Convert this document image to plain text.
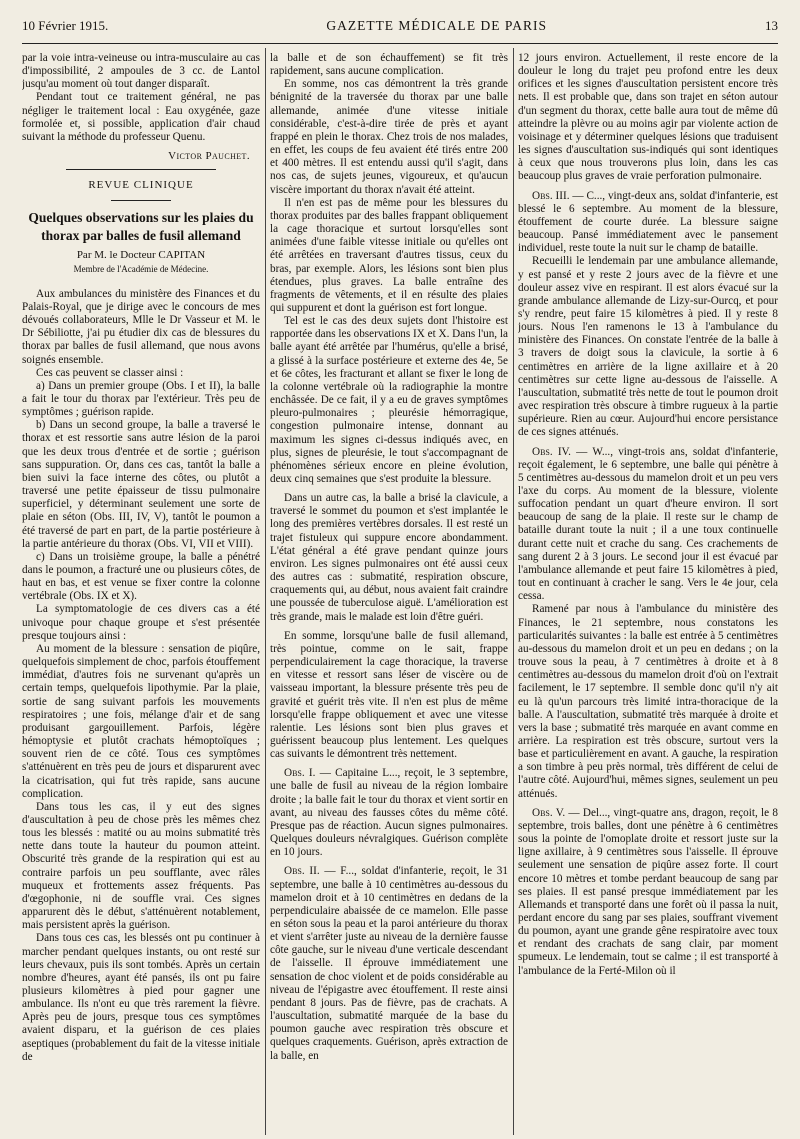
10 Février 1915.	GAZETTE MÉDICALE DE PARIS	13

par la voie intra-veineuse ou intra-musculaire au cas d'impossibilité, 2 ampoules de 3 cc. de Lantol jusqu'au moment où tout danger disparaît.

Pendant tout ce traitement général, ne pas négliger le traitement local : Eau oxygénée, gaze formolée et, si possible, application d'air chaud suivant la méthode du professeur Quenu.

Victor Pauchet.

REVUE CLINIQUE

Quelques observations sur les plaies du thorax par balles de fusil allemand

Par M. le Docteur CAPITAN

Membre de l'Académie de Médecine.

Aux ambulances du ministère des Finances et du Palais-Royal, que je dirige avec le concours de mes dévoués collaborateurs, Mlle le Dr Vasseur et M. le Dr Sébiliotte, j'ai pu étudier dix cas de blessures du thorax par balles de fusil allemand, que nous avons soignés ensemble.

Ces cas peuvent se classer ainsi :

a) Dans un premier groupe (Obs. I et II), la balle a fait le tour du thorax par l'extérieur. Très peu de symptômes ; guérison rapide.

b) Dans un second groupe, la balle a traversé le thorax et est ressortie sans autre lésion de la paroi que les deux trous d'entrée et de sortie ; guérison sans suppuration. Or, dans ces cas, tantôt la balle a bien suivi la face interne des côtes, ou plutôt a traversé une petite épaisseur de tissu pulmonaire superficiel, y déterminant seulement une sorte de plaie en séton (Obs. III, IV, V), tantôt le poumon a été traversé de part en part, de la partie postérieure à la partie antérieure du thorax (Obs. VI, VII et VIII).

c) Dans un troisième groupe, la balle a pénétré dans le poumon, a fracturé une ou plusieurs côtes, de haut en bas, et est venue se fixer contre la colonne vertébrale (Obs. IX et X).

La symptomatologie de ces divers cas a été univoque pour chaque groupe et s'est présentée presque toujours ainsi :

Au moment de la blessure : sensation de piqûre, quelquefois simplement de choc, parfois étouffement immédiat, d'autres fois ne survenant qu'après un certain temps, quelquefois lipothymie. Par la plaie, sortie de sang suivant parfois les mouvements respiratoires ; une fois, mélange d'air et de sang produisant gargouillement. Parfois, légère hémoptysie et plutôt crachats hémoptoïques ; souvent rien de ce côté. Tous ces symptômes s'atténuèrent en très peu de jours et disparurent avec la cicatrisation, qui fut très rapide, sans aucune complication.

Dans tous les cas, il y eut des signes d'auscultation à peu de chose près les mêmes chez tous les blessés : matité ou au moins submatité très nette dans toute la hauteur du poumon atteint. Obscurité très grande de la respiration qui est au contraire parfois un peu soufflante, avec râles muqueux et frottements assez fréquents. Pas d'œgophonie, ni de souffle vrai. Ces signes apparurent dès le début, s'atténuèrent notablement, mais persistent après la guérison.

Dans tous ces cas, les blessés ont pu continuer à marcher pendant quelques instants, ou ont resté sur leurs chevaux, puis ils sont tombés. Après un certain nombre d'heures, ayant été pansés, ils ont pu faire plusieurs kilomètres à pied pour gagner une ambulance. Ils n'ont eu que très rarement la fièvre. Après peu de jours, presque tous ces symptômes avaient disparu, et la guérison de ces plaies aseptiques (probablement du fait de la vitesse initiale de

la balle et de son échauffement) se fit très rapidement, sans aucune complication.

En somme, nos cas démontrent la très grande bénignité de la traversée du thorax par une balle allemande, animée d'une vitesse initiale considérable, c'est-à-dire tirée de près et ayant frappé en plein le thorax. Chez trois de nos malades, en effet, les coups de feu avaient été tirés entre 200 et 400 mètres. Il est entendu aussi qu'il s'agit, dans nos cas, de sujets jeunes, vigoureux, et qu'aucun viscère important du thorax n'avait été atteint.

Il n'en est pas de même pour les blessures du thorax produites par des balles frappant obliquement la cage thoracique et surtout lorsqu'elles sont animées d'une faible vitesse initiale ou qu'elles ont été arrêtées en traversant d'autres tissus, ceux du bras, par exemple. Alors, les lésions sont bien plus étendues, plus graves. La balle entraîne des fragments de vêtements, et il en résulte des plaies qui suppurent et dont la guérison est fort longue.

Tel est le cas des deux sujets dont l'histoire est rapportée dans les observations IX et X. Dans l'un, la balle ayant été arrêtée par l'humérus, qu'elle a brisé, a glissé à la surface postérieure et externe des 4e, 5e et 6e côtes, les fracturant et allant se fixer le long de la colonne vertébrale où la radiographie la montre enchâssée. De ce fait, il y a eu de graves symptômes pleuro-pulmonaires ; pleurésie hémorragique, congestion pulmonaire intense, donnant au maximum les signes ci-dessus indiqués avec, en plus, signes de pleurésie, le tout s'accompagnant de phénomènes sérieux encore en pleine évolution, deux cinq semaines que s'est produite la blessure.

Dans un autre cas, la balle a brisé la clavicule, a traversé le sommet du poumon et s'est implantée le long des premières vertèbres dorsales. Il est resté un trajet fistuleux qui suppure encore abondamment. L'état général a été grave pendant quinze jours environ. Les signes pulmonaires ont été aussi ceux des autres cas : submatité, respiration obscure, craquements qui, au début, nous avaient fait craindre une poussée de tuberculose aiguë. L'amélioration est très grande, mais le malade est loin d'être guéri.

En somme, lorsqu'une balle de fusil allemand, très pointue, comme on le sait, frappe perpendiculairement la cage thoracique, la traverse en vitesse et ressort sans léser de viscère ou de vaisseau important, la blessure présente très peu de gravité et guérit très vite. Il n'en est plus de même lorsqu'elle frappe obliquement et avec une vitesse ralentie. Les lésions sont bien plus graves et guérissent beaucoup plus lentement. Les quelques cas suivants le démontrent très nettement.

Obs. I. — Capitaine L..., reçoit, le 3 septembre, une balle de fusil au niveau de la région lombaire droite ; la balle fait le tour du thorax et vient sortir en avant, au niveau des fausses côtes du même côté. Presque pas de réaction. Aucun signes pulmonaires. Quelques douleurs névralgiques. Guérison complète en 10 jours.

Obs. II. — F..., soldat d'infanterie, reçoit, le 31 septembre, une balle à 10 centimètres au-dessous du mamelon droit et à 10 centimètres en dedans de la perpendiculaire abaissée de ce mamelon. Elle passe en séton sous la peau et la paroi antérieure du thorax et vient s'arrêter juste au niveau de la dernière fausse côte gauche, sur le niveau d'une verticale descendant de l'aisselle. Il éprouve immédiatement une sensation de choc violent et de poids considérable au niveau de l'épigastre avec étouffement. Il reste ainsi pendant 8 jours. Pas de fièvre, pas de crachats. A l'auscultation, submatité marquée de la base du poumon gauche avec respiration très obscure et quelques craquements. Guérison, après extraction de la balle, en

12 jours environ. Actuellement, il reste encore de la douleur le long du trajet peu profond entre les deux orifices et les signes d'auscultation persistent encore très nets. Il est probable que, dans son trajet en séton autour d'un segment du thorax, cette balle aura tout de même dû atteindre la plèvre ou au moins agir par violente action de voisinage et y déterminer quelques lésions que traduisent les signes d'auscultation sus-indiqués qui sont identiques à ceux que nous trouverons plus loin, dans les cas beaucoup plus graves de vraie perforation pulmonaire.

Obs. III. — C..., vingt-deux ans, soldat d'infanterie, est blessé le 6 septembre. Au moment de la blessure, étouffement de courte durée. La blessure saigne beaucoup. Pansé immédiatement avec le pansement individuel, reste toute la nuit sur le champ de bataille.

Recueilli le lendemain par une ambulance allemande, y est pansé et y reste 2 jours avec de la fièvre et une douleur assez vive en respirant. Il est alors évacué sur la grande ambulance allemande de Lizy-sur-Ourcq, et pour s'y rendre, peut faire 15 kilomètres à pied. Il y reste 8 jours. Nous l'en ramenons le 13 à l'ambulance du ministère des Finances. On constate l'entrée de la balle à 3 travers de doigt sous la clavicule, la sortie à 6 centimètres en arrière de la ligne axillaire et à 20 centimètres sur cette ligne au-dessous de l'aisselle. A l'auscultation, submatité très nette de tout le poumon droit avec respiration très obscure à timbre rugueux à la partie supérieure. Rien au cœur. Aujourd'hui encore persistance de ces signes atténués.

Obs. IV. — W..., vingt-trois ans, soldat d'infanterie, reçoit également, le 6 septembre, une balle qui pénètre à 5 centimètres au-dessous du mamelon droit et un peu vers l'axe du corps. Au moment de la blessure, violente suffocation pendant un quart d'heure environ. Il sort beaucoup de sang de la plaie. Il reste sur le champ de bataille durant toute la nuit ; il a une toux continuelle durant cette nuit et crache du sang. Ces crachements de sang durent 2 à 3 jours. Le second jour il est évacué par l'ambulance allemande et peut faire 15 kilomètres à pied, tout en continuant à cracher le sang. Vers le 4e jour, cela cessa.

Ramené par nous à l'ambulance du ministère des Finances, le 21 septembre, nous constatons les particularités suivantes : la balle est entrée à 5 centimètres au-dessous du mamelon droit et un peu en dedans ; on la trouve sous la peau, à 7 centimètres à droite et à 8 centimètres au-dessous du mamelon droit d'où on l'extrait facilement, le 17 septembre. Il semble donc qu'il n'y ait eu là qu'un parcours très limité intra-thoracique de la balle. A l'auscultation, submatité très marquée à droite et vers la base ; submatité très marquée en avant comme en arrière. La respiration est très obscure, surtout vers la base et particulièrement en avant. A gauche, la respiration a son timbre à peu près normal, très différent de celui de l'autre côté. Aujourd'hui, mêmes signes, seulement un peu atténués.

Obs. V. — Del..., vingt-quatre ans, dragon, reçoit, le 8 septembre, trois balles, dont une pénètre à 6 centimètres sous la pointe de l'omoplate droite et ressort juste sur la ligne axillaire, à 9 centimètres sous l'aisselle. Il éprouve seulement une sensation de piqûre assez forte. Il court encore 10 mètres et tombe perdant beaucoup de sang par ses plaies. Il est pansé presque immédiatement par les Allemands et transporté dans une forêt où il passa la nuit, perdant encore du sang par ses plaies, souffrant vivement du poumon, ayant une grande gêne respiratoire avec toux et rendant des crachats de sang clair, par moment spumeux. Le lendemain, tout se calme ; il est transporté à l'ambulance de la Ferté-Milon où il
